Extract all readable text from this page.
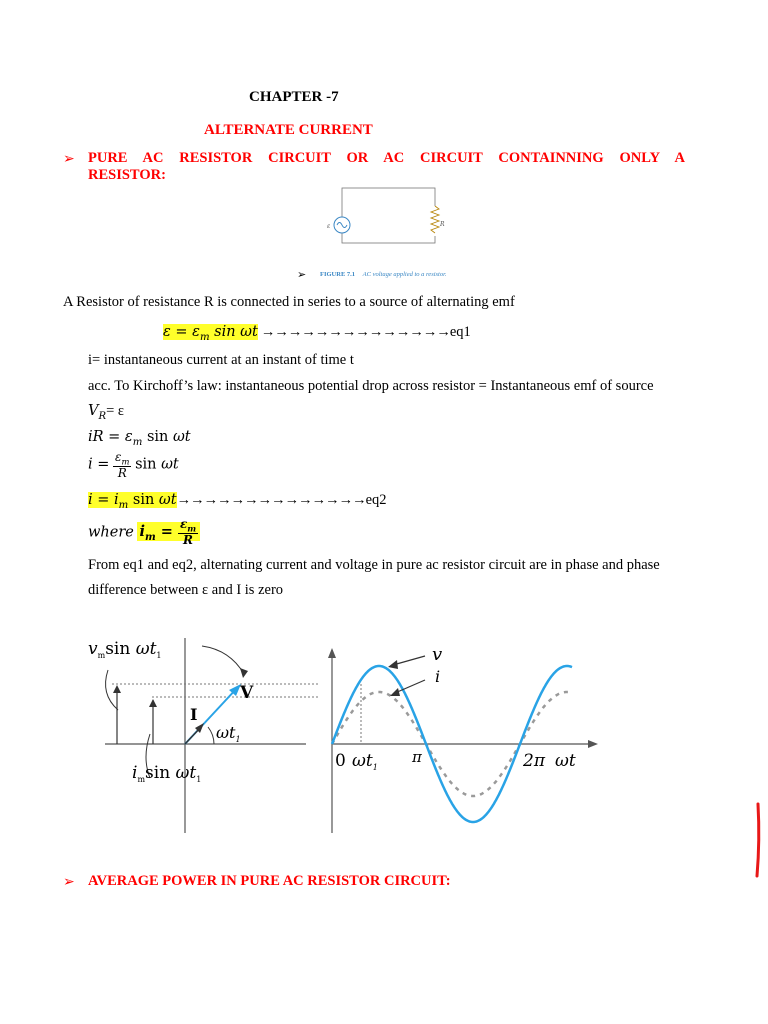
CHAPTER -7
ALTERNATE CURRENT
➢ PURE AC RESISTOR CIRCUIT OR AC CIRCUIT CONTAINNING ONLY A
RESISTOR:
ε	R
➢ FIGURE 7.1 AC voltage applied to a resistor.
A Resistor of resistance R is connected in series to a source of alternating emf
$\varepsilon = \varepsilon_m$ sin ωt →→→→→→→→→→→→→→eq1
i= instantaneous current at an instant of time t
acc. To Kirchoff’s law: instantaneous potential drop across resistor = Instantaneous emf of source
$V_R= \varepsilon$
iR = $\varepsilon_m$ sin ωt
$i = \frac{\varepsilon_m}{R}$ sin ωt
$i = i_m$ sin ωt→→→→→→→→→→→→→→eq2
where $i_m = \frac{\varepsilon_m}{R}$
From eq1 and eq2, alternating current and voltage in pure ac resistor circuit are in phase and phase
difference between ε and I is zero
V
I
$\omega t_1$
$v_m\sin$ $\omega t_1$
$i_m\sin$ $\omega t_1$
v
i
0 $\omega t_1$
π	2π ωt
➢ AVERAGE POWER IN PURE AC RESISTOR CIRCUIT:
